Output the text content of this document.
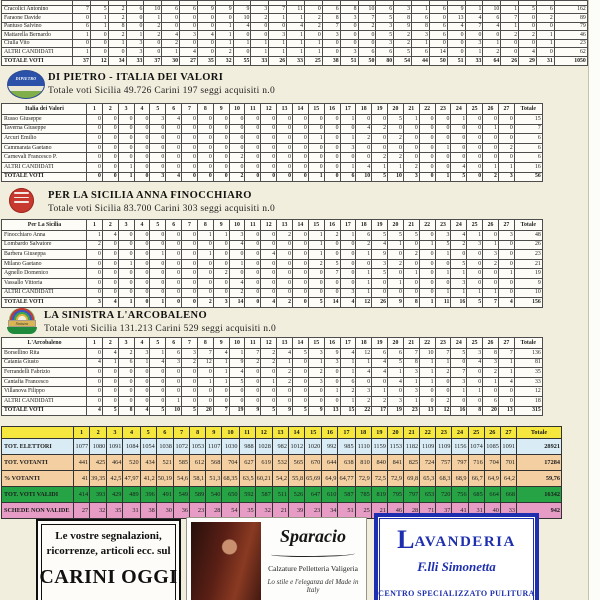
Cracolici Antonino	7	5	2	6	10	6	6	9	9	9	3	7	11	0	6	8	10	6	3	1	6	9	1	10	1	5	6	162
Faraone Davide	0	1	2	0	1	0	0	0	0	10	2	1	1	2	8	3	7	5	8	6	0	13	4	6	7	0	2	89
Pantuso Salvino	6	1	8	0	2	0	0	0	1	4	0	0	4	2	7	0	2	3	9	8	6	4	7	4	1	0	0	79
Mattarella Bernardo	1	0	2	1	2	4	3	4	1	0	0	3	1	0	3	0	0	5	2	3	6	0	0	0	2	2	1	46
Ciulla Vito	0	0	1	3	0	2	0	0	1	1	1	1	1	1	0	0	0	3	2	1	0	0	3	1	0	0	1	23
ALTRI CANDIDATI	1	0	0	3	0	1	4	0	2	0	1	1	1	1	0	3	6	6	5	6	14	0	1	2	0	4	0	62
TOTALE VOTI	37	12	34	33	37	30	27	35	32	55	33	26	33	25	38	51	50	80	54	44	50	51	33	64	26	29	31	1050
DIPIETRO	DI PIETRO - ITALIA DEI VALORI
Totale voti Sicilia 49.726 Carini 197 seggi acquisiti n.0
Italia dei Valori	1	2	3	4	5	6	7	8	9	10	11	12	13	14	15	16	17	18	19	20	21	22	23	24	25	26	27	Totale
Russo Giuseppe	0	0	0	0	3	4	0	0	0	0	0	0	0	0	0	0	1	0	0	5	1	0	0	1	0	0	0	15
Taverna Giuseppe	0	0	0	0	0	0	0	0	0	0	0	0	0	0	0	0	0	4	2	0	0	0	0	0	0	1	0	7
Arcuri Emilio	0	0	0	0	0	0	0	0	0	0	0	0	0	0	1	0	1	2	0	2	0	0	0	0	0	0	0	6
Cammarata Gaetano	0	0	0	0	0	0	0	0	0	0	0	0	0	0	0	0	3	0	0	0	0	0	1	0	0	0	2	6
Carnevali Francesco P.	0	0	0	0	0	0	0	0	0	2	0	0	0	0	0	0	0	0	2	2	0	0	0	0	0	0	0	6
ALTRI CANDIDATI	0	0	1	0	0	0	0	0	0	0	0	0	0	0	0	0	1	4	1	1	2	0	0	4	0	1	1	16
TOTALE VOTI	0	0	1	0	3	4	0	0	0	2	0	0	0	0	1	0	6	10	5	10	3	0	1	5	0	2	3	56
PER LA SICILIA ANNA FINOCCHIARO
Totale voti Sicilia 83.700 Carini 303 seggi acquisiti n.0
Per La Sicilia	1	2	3	4	5	6	7	8	9	10	11	12	13	14	15	16	17	18	19	20	21	22	23	24	25	26	27	Totale
Finocchiaro Anna	1	4	0	0	0	0	0	1	1	3	0	0	2	0	1	2	1	6	5	5	5	0	3	4	1	0	3	48
Lombardo Salvatore	2	0	0	0	0	0	0	0	0	4	0	0	0	0	1	0	0	2	4	1	0	1	5	2	3	1	0	26
Barbera Giuseppa	0	0	0	0	1	0	0	1	0	0	0	4	0	0	1	0	0	1	9	0	2	0	1	0	0	3	0	23
Milano Gaetano	0	0	1	0	0	0	0	0	0	1	0	0	0	0	2	5	0	0	3	2	0	0	0	5	0	2	0	21
Agnello Domenico	0	0	0	0	0	0	0	0	2	0	0	0	0	0	0	7	0	1	5	0	1	0	1	1	0	0	1	19
Vassallo Vittoria	0	0	0	0	0	0	0	0	0	4	0	0	0	0	0	0	0	1	0	1	0	0	0	3	0	0	0	9
ALTRI CANDIDATI	0	0	0	0	0	0	0	0	0	2	0	0	0	0	0	0	3	1	0	0	0	0	1	1	1	1	0	10
TOTALE VOTI	3	4	1	0	1	0	0	2	3	14	0	4	2	0	5	14	4	12	26	9	8	1	11	16	5	7	4	156
Sinistra
LA SINISTRA L'ARCOBALENO
Totale voti Sicilia 131.213 Carini 529 seggi acquisiti n.0
L'Arcobaleno	1	2	3	4	5	6	7	8	9	10	11	12	13	14	15	16	17	18	19	20	21	22	23	24	25	26	27	Totale
Borsellino Rita	0	4	2	3	1	6	3	7	4	1	7	2	4	5	3	9	4	12	6	6	7	10	7	5	3	8	7	136
Catania Giusto	4	1	6	1	4	3	2	12	1	9	2	2	1	0	1	3	1	1	4	5	8	1	1	0	4	3	1	81
Ferrandelli Fabrizio	0	0	0	0	0	0	0	0	1	4	0	0	2	0	2	0	1	4	4	1	3	1	2	7	0	2	1	35
Cantafia Francesco	0	0	0	0	0	0	0	1	1	5	0	1	2	0	3	0	6	0	0	4	1	1	0	3	0	1	4	33
Villanova Filippo	0	0	0	0	0	0	0	0	0	0	0	0	0	0	0	1	2	3	1	0	3	0	0	1	1	0	0	12
ALTRI CANDIDATI	0	0	0	0	0	1	0	0	0	0	0	0	0	0	0	0	1	2	2	3	1	0	2	0	0	6	0	18
TOTALE VOTI	4	5	8	4	5	10	5	20	7	19	9	5	9	5	9	13	15	22	17	19	23	13	12	16	8	20	13	315
	1	2	3	4	5	6	7	8	9	10	11	12	13	14	15	16	17	18	19	20	21	22	23	24	25	26	27	Totale
TOT. ELETTORI	1077	1080	1091	1084	1054	1038	1072	1053	1107	1030	988	1028	982	1012	1020	992	985	1110	1159	1153	1182	1109	1109	1156	1074	1085	1091	28921
TOT. VOTANTI	441	425	464	520	434	521	585	612	568	704	627	619	532	565	670	644	638	810	840	841	825	724	757	797	716	704	701	17284
% VOTANTI	41	39,35	42,5	47,97	41,2	50,19	54,6	58,1	51,3	68,35	63,5	60,21	54,2	55,8	65,69	64,9	64,77	72,9	72,5	72,9	69,8	65,3	68,3	68,9	66,7	64,9	64,2	59,76
TOT. VOTI VALIDI	414	393	429	489	396	491	549	589	540	650	592	587	511	526	647	610	587	785	819	795	797	653	720	756	685	664	668	16342
SCHEDE NON VALIDE	27	32	35	31	38	30	36	23	28	54	35	32	21	39	23	34	51	25	21	46	28	71	37	41	31	40	33	942
Le vostre segnalazioni,
ricorrenze, articoli ecc. sul
CARINI OGGI
Sparacio
Calzature Pelletteria Valigeria
Lo stile e l'eleganza del Made in Italy
LAVANDERIA
F.lli Simonetta
CENTRO SPECIALIZZATO PULITURA
